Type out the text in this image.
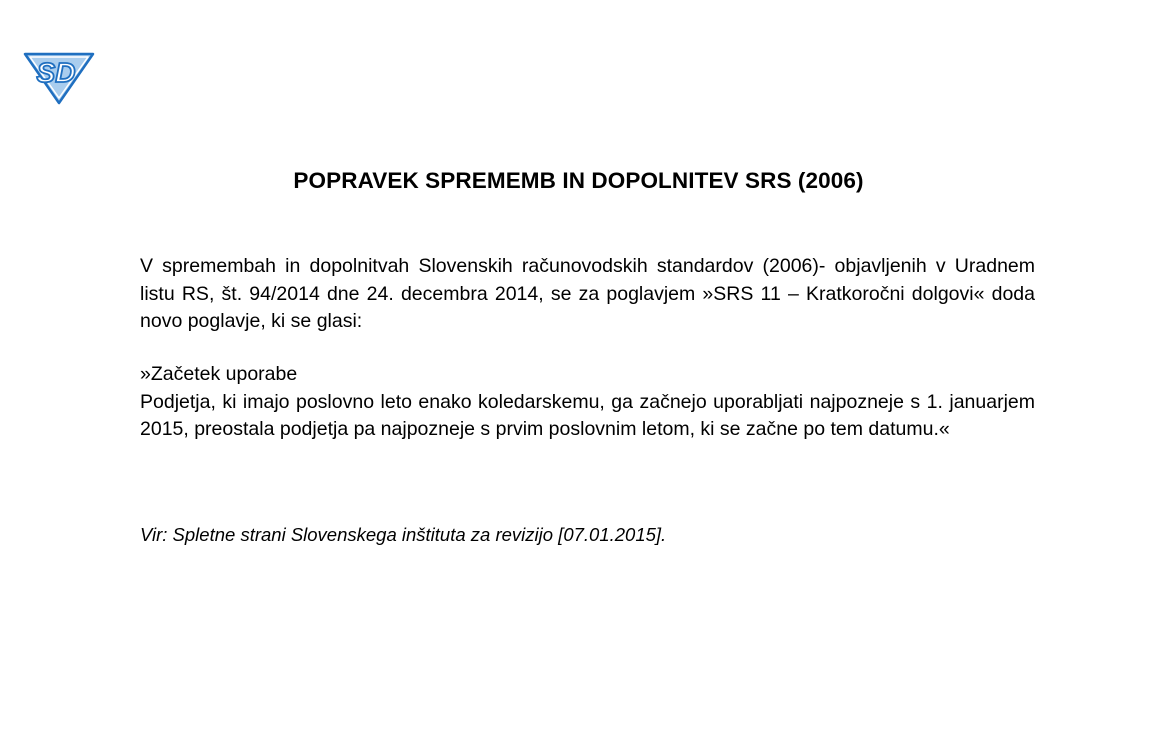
SD
POPRAVEK SPREMEMB IN DOPOLNITEV SRS (2006)
V spremembah in dopolnitvah Slovenskih računovodskih standardov (2006)- objavljenih v Uradnem listu RS, št. 94/2014 dne 24. decembra 2014, se za poglavjem »SRS 11 – Kratkoročni dolgovi« doda novo poglavje, ki se glasi:
»Začetek uporabe
Podjetja, ki imajo poslovno leto enako koledarskemu, ga začnejo uporabljati najpozneje s 1. januarjem 2015, preostala podjetja pa najpozneje s prvim poslovnim letom, ki se začne po tem datumu.«
Vir: Spletne strani Slovenskega inštituta za revizijo [07.01.2015].
